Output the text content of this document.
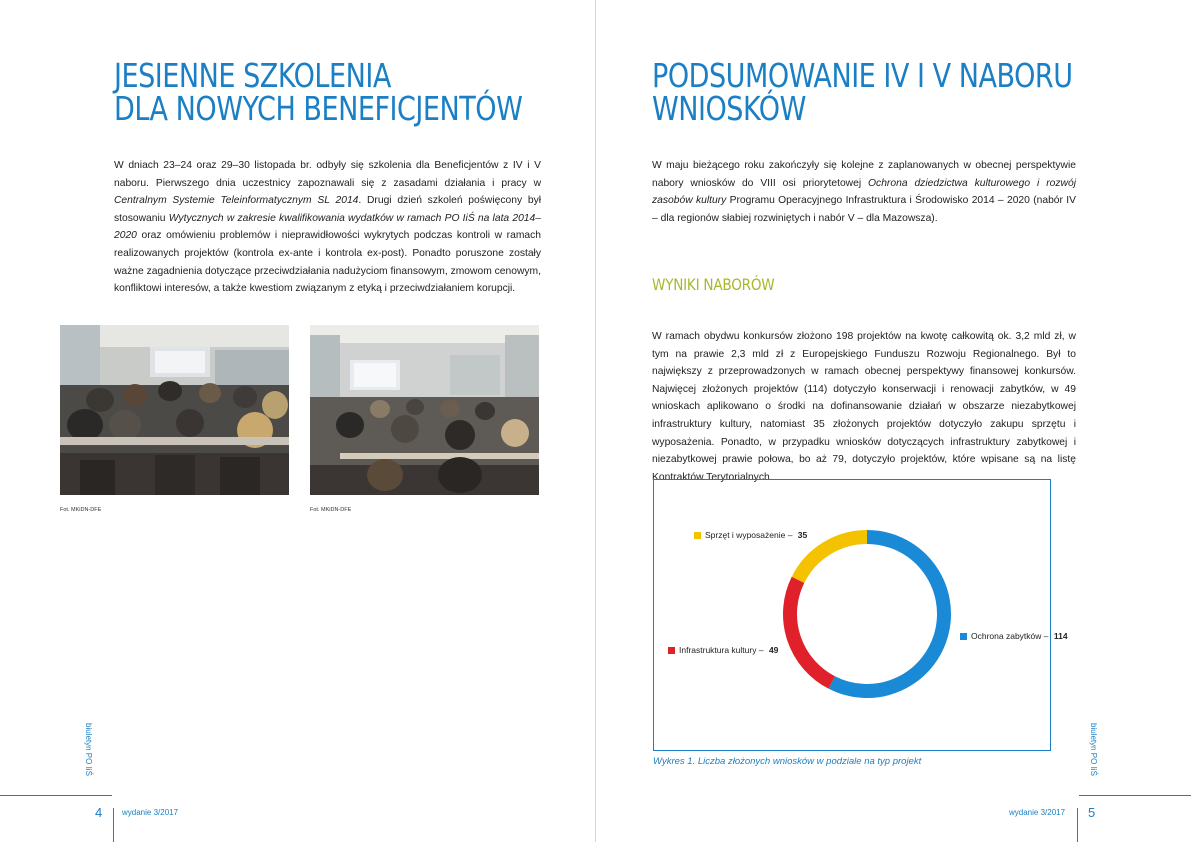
JESIENNE SZKOLENIA
DLA NOWYCH BENEFICJENTÓW

W dniach 23–24 oraz 29–30 listopada br. odbyły się szkolenia dla Beneficjentów z IV i V naboru. Pierwszego dnia uczestnicy zapoznawali się z zasadami działania i pracy w Centralnym Systemie Teleinformatycznym SL 2014. Drugi dzień szkoleń poświęcony był stosowaniu Wytycznych w zakresie kwalifikowania wydatków w ramach PO IiŚ na lata 2014–2020 oraz omówieniu problemów i nieprawidłowości wykrytych podczas kontroli w ramach realizowanych projektów (kontrola ex-ante i kontrola ex-post). Ponadto poruszone zostały ważne zagadnienia dotyczące przeciwdziałania nadużyciom finansowym, zmowom cenowym, konfliktowi interesów, a także kwestiom związanym z etyką i przeciwdziałaniem korupcji.

Fot. MKiDN-DFE	Fot. MKiDN-DFE
biuletyn PO IiŚ
4 wydanie 3/2017
PODSUMOWANIE IV I V NABORU
WNIOSKÓW

W maju bieżącego roku zakończyły się kolejne z zaplanowanych w obecnej perspektywie nabory wniosków do VIII osi priorytetowej Ochrona dziedzictwa kulturowego i rozwój zasobów kultury Programu Operacyjnego Infrastruktura i Środowisko 2014 – 2020 (nabór IV – dla regionów słabiej rozwiniętych i nabór V – dla Mazowsza).

WYNIKI NABORÓW

W ramach obydwu konkursów złożono 198 projektów na kwotę całkowitą ok. 3,2 mld zł, w tym na prawie 2,3 mld zł z Europejskiego Funduszu Rozwoju Regionalnego. Był to największy z przeprowadzonych w ramach obecnej perspektywy finansowej konkursów. Najwięcej złożonych projektów (114) dotyczyło konserwacji i renowacji zabytków, w 49 wnioskach aplikowano o środki na dofinansowanie działań w obszarze niezabytkowej infrastruktury kultury, natomiast 35 złożonych projektów dotyczyło zakupu sprzętu i wyposażenia. Ponadto, w przypadku wniosków dotyczących infrastruktury zabytkowej i niezabytkowej prawie połowa, bo aż 79, dotyczyło projektów, które wpisane są na listę Kontraktów Terytorialnych.

Sprzęt i wyposażenie – 35
Infrastruktura kultury – 49
Ochrona zabytków – 114
Wykres 1. Liczba złożonych wniosków w podziale na typ projekt	biuletyn PO IiŚ
wydanie 3/2017 5
